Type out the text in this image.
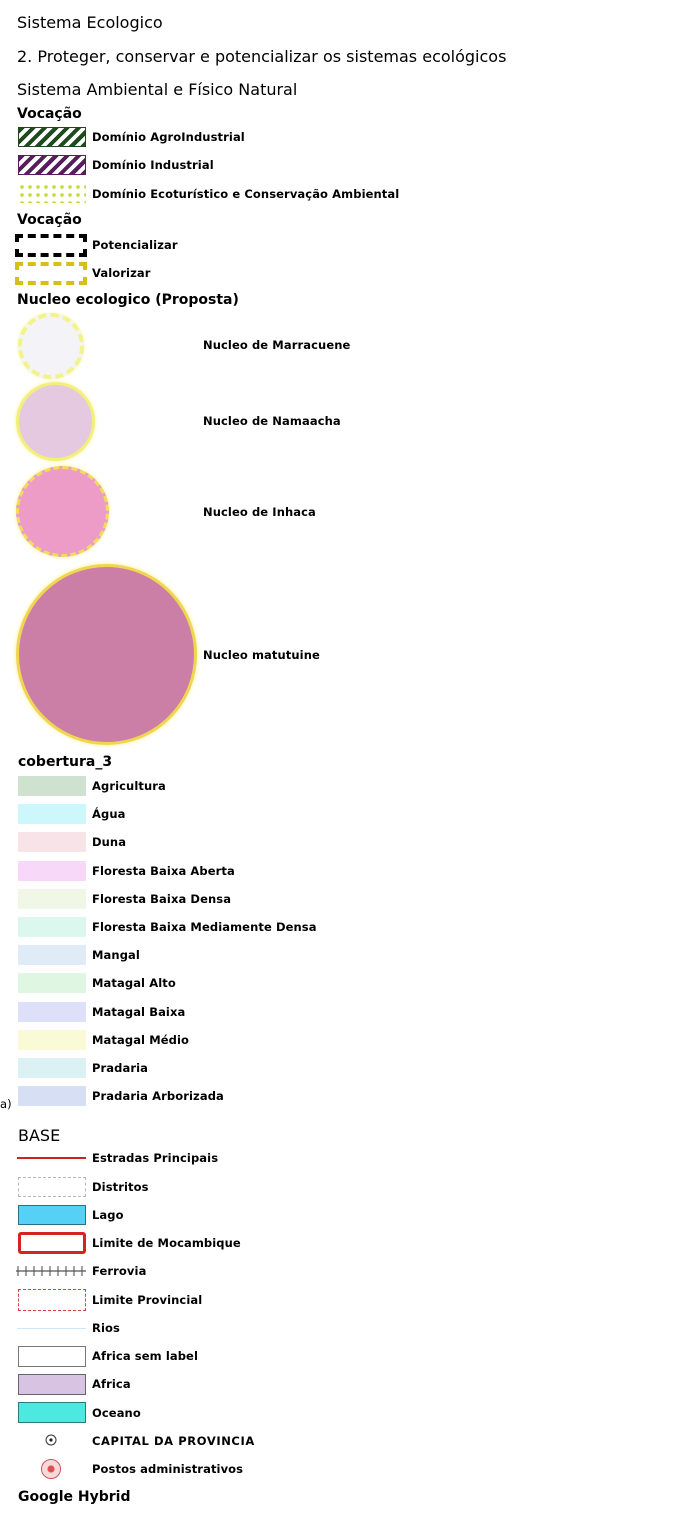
Sistema Ecologico
2. Proteger, conservar e potencializar os sistemas ecológicos
Sistema Ambiental e Físico Natural
Vocação
Domínio AgroIndustrial
Domínio Industrial
Domínio Ecoturístico e Conservação Ambiental
Vocação
Potencializar
Valorizar
Nucleo ecologico (Proposta)
Nucleo de Marracuene
Nucleo de Namaacha
Nucleo de Inhaca
Nucleo matutuine
cobertura_3
Agricultura
Água
Duna
Floresta Baixa Aberta
Floresta Baixa Densa
Floresta Baixa Mediamente Densa
Mangal
Matagal Alto
Matagal Baixa
Matagal Médio
Pradaria
Pradaria Arborizada
a)
BASE
Estradas Principais
Distritos
Lago
Limite de Mocambique
Ferrovia
Limite Provincial
Rios
Africa sem label
Africa
Oceano
CAPITAL DA PROVINCIA
Postos administrativos
Google Hybrid
